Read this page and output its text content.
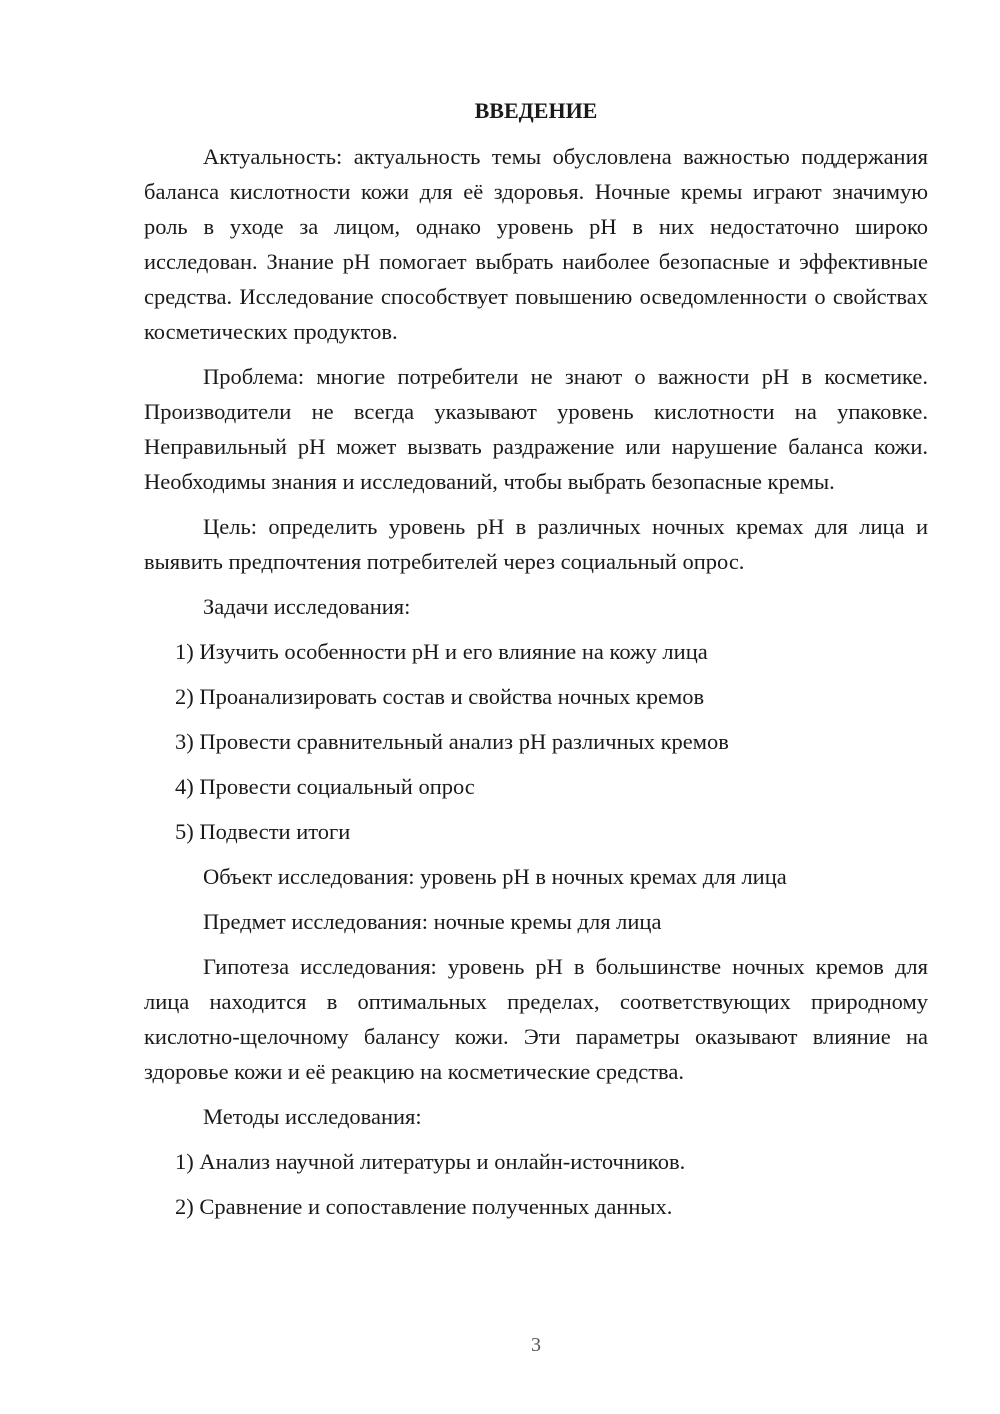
ВВЕДЕНИЕ

Актуальность: актуальность темы обусловлена важностью поддержания баланса кислотности кожи для её здоровья. Ночные кремы играют значимую роль в уходе за лицом, однако уровень pH в них недостаточно широко исследован. Знание pH помогает выбрать наиболее безопасные и эффективные средства. Исследование способствует повышению осведомленности о свойствах косметических продуктов.

Проблема: многие потребители не знают о важности pH в косметике. Производители не всегда указывают уровень кислотности на упаковке. Неправильный pH может вызвать раздражение или нарушение баланса кожи. Необходимы знания и исследований, чтобы выбрать безопасные кремы.

Цель: определить уровень pH в различных ночных кремах для лица и выявить предпочтения потребителей через социальный опрос.

Задачи исследования:
1) Изучить особенности pH и его влияние на кожу лица
2) Проанализировать состав и свойства ночных кремов
3) Провести сравнительный анализ pH различных кремов
4) Провести социальный опрос
5) Подвести итоги
Объект исследования: уровень pH в ночных кремах для лица
Предмет исследования: ночные кремы для лица

Гипотеза исследования: уровень pH в большинстве ночных кремов для лица находится в оптимальных пределах, соответствующих природному кислотно-щелочному балансу кожи. Эти параметры оказывают влияние на здоровье кожи и её реакцию на косметические средства.

Методы исследования:
1) Анализ научной литературы и онлайн-источников.
2) Сравнение и сопоставление полученных данных.
3
